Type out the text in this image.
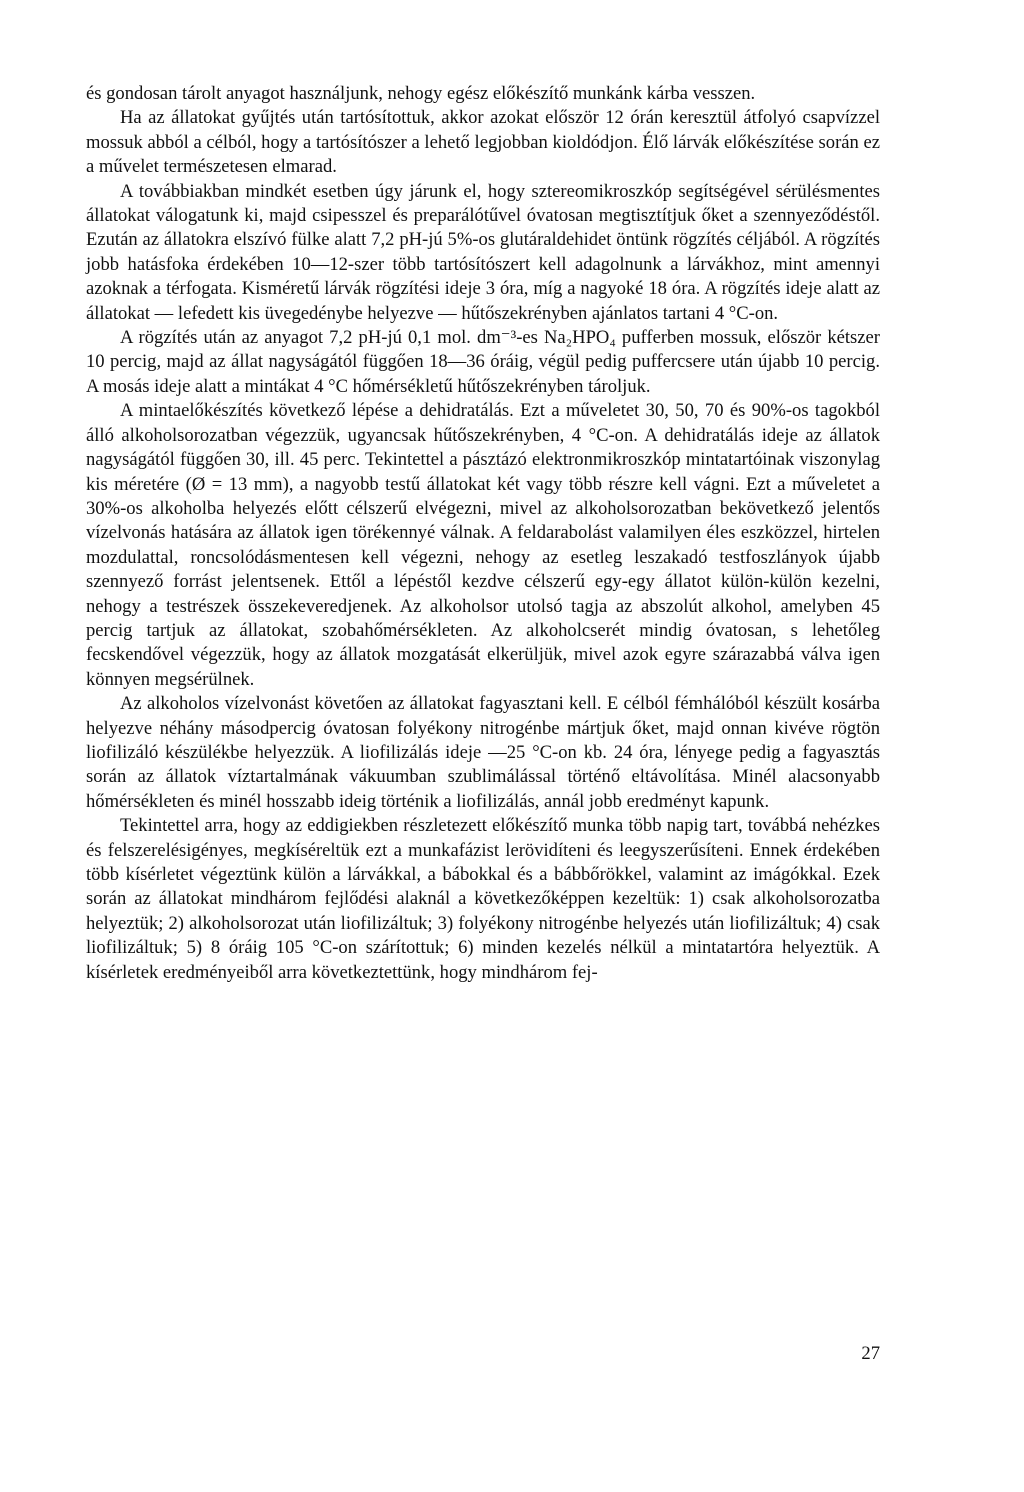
és gondosan tárolt anyagot használjunk, nehogy egész előkészítő munkánk kárba vesszen.

Ha az állatokat gyűjtés után tartósítottuk, akkor azokat először 12 órán keresztül átfolyó csapvízzel mossuk abból a célból, hogy a tartósítószer a lehető legjobban kioldódjon. Élő lárvák előkészítése során ez a művelet természetesen elmarad.

A továbbiakban mindkét esetben úgy járunk el, hogy sztereomikroszkóp segítségével sérülésmentes állatokat válogatunk ki, majd csipesszel és preparálótűvel óvatosan megtisztítjuk őket a szennyeződéstől. Ezután az állatokra elszívó fülke alatt 7,2 pH-jú 5%-os glutáraldehidet öntünk rögzítés céljából. A rögzítés jobb hatásfoka érdekében 10—12-szer több tartósítószert kell adagolnunk a lárvákhoz, mint amennyi azoknak a térfogata. Kisméretű lárvák rögzítési ideje 3 óra, míg a nagyoké 18 óra. A rögzítés ideje alatt az állatokat — lefedett kis üvegedénybe helyezve — hűtőszekrényben ajánlatos tartani 4 °C-on.

A rögzítés után az anyagot 7,2 pH-jú 0,1 mol. dm⁻³-es Na₂HPO₄ pufferben mossuk, először kétszer 10 percig, majd az állat nagyságától függően 18—36 óráig, végül pedig puffercsere után újabb 10 percig. A mosás ideje alatt a mintákat 4 °C hőmérsékletű hűtőszekrényben tároljuk.

A mintaelőkészítés következő lépése a dehidratálás. Ezt a műveletet 30, 50, 70 és 90%-os tagokból álló alkoholsorozatban végezzük, ugyancsak hűtőszekrényben, 4 °C-on. A dehidratálás ideje az állatok nagyságától függően 30, ill. 45 perc. Tekintettel a pásztázó elektronmikroszkóp mintatartóinak viszonylag kis méretére (Ø = 13 mm), a nagyobb testű állatokat két vagy több részre kell vágni. Ezt a műveletet a 30%-os alkoholba helyezés előtt célszerű elvégezni, mivel az alkoholsorozatban bekövetkező jelentős vízelvonás hatására az állatok igen törékennyé válnak. A feldarabolást valamilyen éles eszközzel, hirtelen mozdulattal, roncsolódásmentesen kell végezni, nehogy az esetleg leszakadó testfoszlányok újabb szennyező forrást jelentsenek. Ettől a lépéstől kezdve célszerű egy-egy állatot külön-külön kezelni, nehogy a testrészek összekeveredjenek. Az alkoholsor utolsó tagja az abszolút alkohol, amelyben 45 percig tartjuk az állatokat, szobahőmérsékleten. Az alkoholcserét mindig óvatosan, s lehetőleg fecskendővel végezzük, hogy az állatok mozgatását elkerüljük, mivel azok egyre szárazabbá válva igen könnyen megsérülnek.

Az alkoholos vízelvonást követően az állatokat fagyasztani kell. E célból fémhálóból készült kosárba helyezve néhány másodpercig óvatosan folyékony nitrogénbe mártjuk őket, majd onnan kivéve rögtön liofilizáló készülékbe helyezzük. A liofilizálás ideje —25 °C-on kb. 24 óra, lényege pedig a fagyasztás során az állatok víztartalmának vákuumban szublimálással történő eltávolítása. Minél alacsonyabb hőmérsékleten és minél hosszabb ideig történik a liofilizálás, annál jobb eredményt kapunk.

Tekintettel arra, hogy az eddigiekben részletezett előkészítő munka több napig tart, továbbá nehézkes és felszerelésigényes, megkíséreltük ezt a munkafázist lerövidíteni és leegyszerűsíteni. Ennek érdekében több kísérletet végeztünk külön a lárvákkal, a bábokkal és a bábbőrökkel, valamint az imágókkal. Ezek során az állatokat mindhárom fejlődési alaknál a következőképpen kezeltük: 1) csak alkoholsorozatba helyeztük; 2) alkoholsorozat után liofilizáltuk; 3) folyékony nitrogénbe helyezés után liofilizáltuk; 4) csak liofilizáltuk; 5) 8 óráig 105 °C-on szárítottuk; 6) minden kezelés nélkül a mintatartóra helyeztük. A kísérletek eredményeiből arra következtettünk, hogy mindhárom fej-

27
